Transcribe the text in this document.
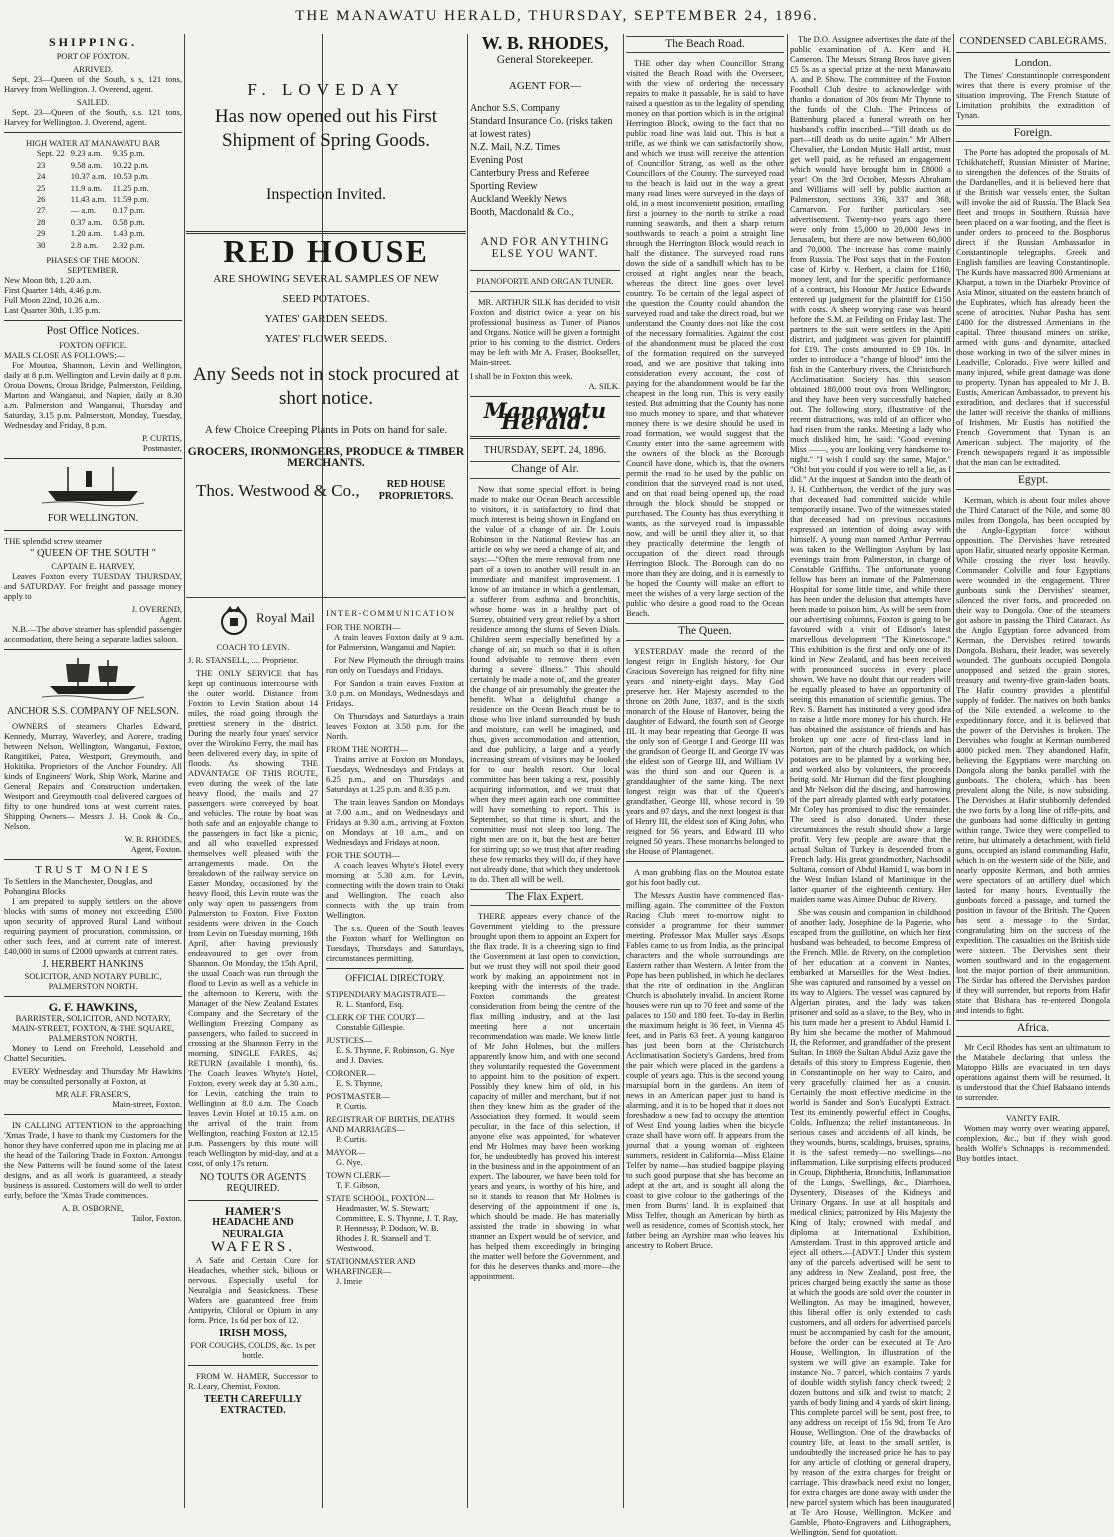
THE MANAWATU HERALD, THURSDAY, SEPTEMBER 24, 1896.
SHIPPING.
PORT OF FOXTON.
ARRIVED.

Sept. 23—Queen of the South, s s, 121 tons, Harvey from Wellington. J. Overend, agent.

SAILED.

Sept. 23—Queen of the South, s.s. 121 tons, Harvey for Wellington. J. Overend, agent.

HIGH WATER AT MANAWATU BAR
Sept. 22	9.23 a.m.	9.35 p.m.
23	9.58 a.m.	10.22 p.m.
24	10.37 a.m.	10.53 p.m.
25	11.9 a.m.	11.25 p.m.
26	11.43 a.m.	11.59 p.m.
27	— a.m.	0.17 p.m.
28	0.37 a.m.	0.58 p.m.
29	1.20 a.m.	1.43 p.m.
30	2.8 a.m.	2.32 p.m.
PHASES OF THE MOON.
SEPTEMBER.
New Moon 8th, 1.20 a.m.
First Quarter 14th, 4.46 p.m.
Full Moon 22nd, 10.26 a.m.
Last Quarter 30th, 1.35 p.m.
Post Office Notices.
FOXTON OFFICE.
MAILS CLOSE AS FOLLOWS:—

For Moutoa, Shannon, Levin and Wellington, daily at 8 p.m. Wellington and Levin daily at 8 p.m. Oroua Downs, Oroua Bridge, Palmerston, Feilding, Marton and Wanganui, and Napier, daily at 8.30 a.m. Palmerston and Wanganui, Thursday and Saturday, 3.15 p.m. Palmerston, Monday, Tuesday, Wednesday and Friday, 8 p.m.

P. CURTIS,
Postmaster,
FOR WELLINGTON.
THE splendid screw steamer
" QUEEN OF THE SOUTH "
CAPTAIN E. HARVEY,

Leaves Foxton every TUESDAY THURSDAY, and SATURDAY. For freight and passage money apply to

J. OVEREND,
Agent.

N.B.—The above steamer has splendid passenger accomodation, there being a separate ladies saloon.

ANCHOR S.S. COMPANY OF NELSON.

OWNERS of steamers Charles Edward, Kennedy, Murray, Waverley, and Aorere, trading between Nelson, Wellington, Wanganui, Foxton, Rangitikei, Patea, Westport, Greymouth, and Hokitika. Proprietors of the Anchor Foundry. All kinds of Engineers' Work, Ship Work, Marine and General Repairs and Construction undertaken. Westport and Greymouth coal delivered cargoes of fifty to one hundred tons at west current rates. Shipping Owners— Messrs J. H. Cook & Co., Nelson.

W. B. RHODES,
Agent, Foxton.
TRUST MONIES
To Settlers in the Manchester, Douglas, and Pohangina Blocks

I am prepared to supply settlers on the above blocks with sums of money not exceeding £500 upon security of approved Rural Land without requiring payment of procuration, commission, or other such fees, and at current rate of interest. £40,000 in sums of £2000 upwards at current rates.

J. HERBERT HANKINS
SOLICITOR, AND NOTARY PUBLIC,
PALMERSTON NORTH.
G. F. HAWKINS,
BARRISTER, SOLICITOR, AND NOTARY,
MAIN-STREET, FOXTON, & THE SQUARE, PALMERSTON NORTH.

Money to Lend on Freehold, Leasehold and Chattel Securities.

EVERY Wednesday and Thursday Mr Hawkins may be consulted personally at Foxton, at

MR ALF. FRASER'S,
Main-street, Foxton.

IN CALLING ATTENTION to the approaching 'Xmas Trade, I have to thank my Customers for the honor they have conferred upon me in placing me at the head of the Tailoring Trade in Foxton. Amongst the New Patterns will be found some of the latest designs, and as all work is guaranteed, a steady business is assured. Customers will do well to order early, before the 'Xmas Trade commences.

A. B. OSBORNE,
Tailor, Foxton.
F. LOVEDAY
Has now opened out his First Shipment of Spring Goods.
Inspection Invited.
RED HOUSE
ARE SHOWING SEVERAL SAMPLES OF NEW
SEED POTATOES.
YATES' GARDEN SEEDS.
YATES' FLOWER SEEDS.
Any Seeds not in stock procured at short notice.
A few Choice Creeping Plants in Pots on hand for sale.
GROCERS, IRONMONGERS, PRODUCE & TIMBER MERCHANTS.
Thos. Westwood & Co.,	RED HOUSE PROPRIETORS.
Royal Mail
COACH TO LEVIN.
J. R. STANSELL, .... Proprietor.

THE ONLY SERVICE that has kept up continuous intercourse with the outer world. Distance from Foxton to Levin Station about 14 miles, the road going through the prettiest scenery in the district. During the nearly four years' service over the Wirokino Ferry, the mail has been delivered every day, in spite of floods. As showing THE ADVANTAGE OF THIS ROUTE, even during the week of the late heavy flood, the mails and 27 passengers were conveyed by boat and vehicles. The route by boat was both safe and an enjoyable change to the passengers in fact like a picnic, and all who travelled expressed themselves well pleased with the arrangements made. On the breakdown of the railway service on Easter Monday, occasioned by the heavy flood, this Levin route was the only way open to passengers from Palmerston to Foxton. Five Foxton residents were driven in the Coach from Levin on Tuesday morning, 16th April, after having previously endeavoured to get over from Shannon. On Monday, the 15th April, the usual Coach was run through the flood to Levin as well as a vehicle in the afternoon to Kereru, with the Manager of the New Zealand Estates Company and the Secretary of the Wellington Freezing Company as passengers, who failed to succeed in crossing at the Shannon Ferry in the morning. SINGLE FARES, 4s; RETURN (available 1 month), 6s. The Coach leaves Whyte's Hotel, Foxton, every week day at 5.30 a.m., for Levin, catching the train to Wellington at 8.0 a.m. The Coach leaves Levin Hotel at 10.15 a.m. on the arrival of the train from Wellington, reaching Foxton at 12.15 p.m. Passengers by this route will reach Wellington by mid-day, and at a cost, of only 17s return.

NO TOUTS OR AGENTS REQUIRED.
HAMER'S
HEADACHE AND NEURALGIA
WAFERS.

A Safe and Certain Cure for Headaches, whether sick, bilious or nervous. Especially useful for Neuralgia and Seasickness. These Wafers are guaranteed free from Antipyrin, Chloral or Opium in any form. Price, 1s 6d per box of 12.

IRISH MOSS,
FOR COUGHS, COLDS, &c. 1s per bottle.

FROM W. HAMER, Successor to R. Leary, Chemist, Foxton.

TEETH CAREFULLY EXTRACTED.
INTER-COMMUNICATION
FOR THE NORTH—

A train leaves Foxton daily at 9 a.m. for Palmerston, Wanganui and Napier.

For New Plymouth the through trains run only on Tuesdays and Fridays.

For Sandon a train eaves Foxton at 3.0 p.m. on Mondays, Wednesdays and Fridays.

On Thursdays and Saturdays a train leaves Foxton at 3.50 p.m. for the North.

FROM THE NORTH—

Trains arrive at Foxton on Mondays, Tuesdays, Wednesdays and Fridays at 6.25 p.m., and on Thursdays and Saturdays at 1.25 p.m. and 8.35 p.m.

The train leaves Sandon on Mondays at 7.00 a.m., and on Wednesdays and Fridays at 9.30 a.m., arriving at Foxton on Mondays at 10 a.m., and on Wednesdays and Fridays at noon.

FOR THE SOUTH—

A coach leaves Whyte's Hotel every morning at 5.30 a.m. for Levin, connecting with the down train to Otaki and Wellington. The coach also connects with the up train from Wellington.

The s.s. Queen of the South leaves the Foxton wharf for Wellington on Tuesdays, Thursdays and Saturdays, circumstances permitting.

OFFICIAL DIRECTORY.
STIPENDIARY MAGISTRATE—
R. L. Stanford, Esq.
CLERK OF THE COURT—
Constable Gillespie.
JUSTICES—
E. S. Thynne, F. Robinson, G. Nye and J. Davies.
CORONER—
E. S. Thynne,
POSTMASTER—
P. Curtis.
REGISTRAR OF BIRTHS, DEATHS AND MARRIAGES—
P. Curtis.
MAYOR—
G. Nye.
TOWN CLERK—
T. F. Gibson.
STATE SCHOOL, FOXTON—
Headmaster, W. S. Stewart; Committee, E. S. Thynne, J. T. Ray, P. Hennessy, P. Dodson, W. B. Rhodes J. R. Stansell and T. Westwood.
STATIONMASTER AND WHARFINGER—
J. Imrie
W. B. RHODES,
General Storekeeper.
AGENT FOR—
Anchor S.S. Company
Standard Insurance Co. (risks taken at lowest rates)
N.Z. Mail, N.Z. Times
Evening Post
Canterbury Press and Referee
Sporting Review
Auckland Weekly News
Booth, Macdonald & Co.,
AND FOR ANYTHING ELSE YOU WANT.
PIANOFORTE AND ORGAN TUNER.

MR. ARTHUR SILK has decided to visit Foxton and district twice a year on his professional business as Tuner of Pianos and Organs. Notice will be given a fortnight prior to his coming to the district. Orders may be left with Mr A. Fraser, Bookseller, Main-street.

I shall be in Foxton this week.
A. SILK.
Manawatu Herald.
THURSDAY, SEPT. 24, 1896.
Change of Air.

Now that some special effort is being made to make our Ocean Beach accessible to visitors, it is satisfactory to find that much interest is being shown in England on the value of a change of air. Dr Louis Robinson in the National Review has an article on why we need a change of air, and says:—"Often the mere removal from one part of a town to another will result in an immediate and manifest improvement. I know of an instance in which a gentleman, a sufferer from asthma and bronchitis, whose home was in a healthy part of Surrey, obtained very great relief by a short residence among the slums of Seven Dials. Children seem especially benefitted by a change of air, so much so that it is often found advisable to remove them even during a severe illness." This should certainly be made a note of, and the greater the change of air presumably the greater the benefit. What a delightful change a residence on the Ocean Beach must be to those who live inland surrounded by bush and moisture, can well be imagined, and thus, given accommodation and attention, and due publicity, a large and a yearly increasing stream of visitors may be looked for to our health resort. Our local committee has been taking a rest, possibly acquiring information, and we trust that when they meet again each one committee will have something to report. This is September, so that time is short, and the committee must not sleep too long. The right men are on it, but the best are better for stirring up; so we trust that after reading these few remarks they will do, if they have not already done, that which they undertook to do. Then all will be well.

The Flax Expert.

THERE appears every chance of the Government yielding to the pressure brought upon them to appoint an Expert for the flax trade. It is a cheering sign to find the Government at last open to conviction, but we trust they will not spoil their good work by making an appointment not in keeping with the interests of the trade. Foxton commands the greatest consideration from being the centre of the flax milling industry, and at the last meeting here a not uncertain recommendation was made. We know little of Mr John Holmes, but the millers apparently know him, and with one second they voluntarily requested the Government to appoint him to the position of expert. Possibly they knew him of old, in his capacity of miller and merchant, but if not then they knew him as the grader of the Association they formed. It would seem peculiar, in the face of this selection, if anyone else was appointed, for whatever end Mr Holmes may have been working for, he undoubtedly has proved his interest in the business and in the appointment of an expert. The labourer, we have been told for years and years, is worthy of his hire, and so it stands to reason that Mr Holmes is deserving of the appointment if one is, which should be made. He has materially assisted the trade in showing in what manner an Expert would be of service, and has helped them exceedingly in bringing the matter well before the Government, and for this he deserves thanks and more—the appointment.

The Beach Road.

THE other day when Councillor Strang visited the Beach Road with the Overseer, with the view of ordering the necessary repairs to make it passable, he is said to have raised a question as to the legality of spending money on that portion which is in the original Herrington Block, owing to the fact that no public road line was laid out. This is but a trifle, as we think we can satisfactorily show, and which we trust will receive the attention of Councillor Strang, as well as the other Councillors of the County. The surveyed road to the beach is laid out in the way a great many road lines were surveyed in the days of old, in a most inconvenient position, entailing first a journey to the north to strike a road running seawards, and then a sharp return southwards to reach a point a straight line through the Herrington Block would reach in half the distance. The surveyed road runs down the side of a sandhill which has to be crossed at right angles near the beach, whereas the direct line goes over level country. To be certain of the legal aspect of the question the County could abandon the surveyed road and take the direct road, but we understand the County does not like the cost of the necessary formalities. Against the cost of the abandonment must be placed the cost of the formation required on the surveyed road, and we are positive that taking into consideration every account, the cost of paying for the abandonment would be far the cheapest in the long run. This is very easily tested. But admitting that the County has none too much money to spare, and that whatever money there is we desire should be used in road formation, we would suggest that the County enter into the same agreement with the owners of the block as the Borough Council have done, which is, that the owners permit the road to be used by the public on condition that the surveyed road is not used, and on that road being opened up, the road through the block should be stopped or purchased. The County has thus everything it wants, as the surveyed road is impassable now, and will be until they alter it, so that they practically determine the length of occupation of the direct road through Herrington Block. The Borough can do no more than they are doing, and it is earnestly to be hoped the County will make an effort to meet the wishes of a very large section of the public who desire a good road to the Ocean Beach.

The Queen.

YESTERDAY made the record of the longest reign in English history, for Our Gracious Sovereign has reigned for fifty nine years and ninety-eight days. May God preserve her. Her Majesty ascended to the throne on 20th June, 1837, and is the sixth monarch of the House of Hanover, being the daughter of Edward, the fourth son of George III. It may bear repeating that George II was the only son of George I and George III was the grandson of George II, and George IV was the eldest son of George III, and William IV was the third son and our Queen is a granddaughter of the same king. The next longest reign was that of the Queen's grandfather, George III, whose record is 59 years and 97 days, and the next longest is that of Henry III, the eldest son of King John, who reigned for 56 years, and Edward III who reigned 50 years. These monarchs belonged to the House of Plantagenet.

A man grubbing flax on the Moutoa estate got his foot badly cut.

The Messrs Austin have commenced flax-milling again. The committee of the Foxton Racing Club meet to-morrow night to consider a programme for their summer meeting. Professor Max Muller says Æsops Fables came to us from India, as the principal characters and the whole surroundings are Eastern rather than Western. A letter from the Pope has been published, in which he declares that the rite of ordination in the Anglican Church is absolutely invalid. In ancient Rome houses were run up to 70 feet and some of the palaces to 150 and 180 feet. To-day in Berlin the maximum height is 36 feet, in Vienna 45 feet, and in Paris 63 feet. A young kangaroo has just been born at the Christchurch Acclimatisation Society's Gardens, bred from the pair which were placed in the gardens a couple of years ago. This is the second young marsupial born in the gardens. An item of news in an American paper just to hand is alarming, and it is to be hoped that it does not foreshadow a new fad to occupy the attention of West End young ladies when the bicycle craze shall have worn off. It appears from the journal that a young woman of eighteen summers, resident in California—Miss Elaine Telfer by name—has studied bagpipe playing to such good purpose that she has become an adept at the art, and is sought all along the coast to give colour to the gatherings of the men from Burns' land. It is explained that Miss Telfer, though an American by birth as well as residence, comes of Scottish stock, her father being an Ayrshire man who leaves his ancestry to Robert Bruce.

The D.O. Assignee advertises the date of the public examination of A. Kerr and H. Cameron. The Messrs Strang Bros have given £5 5s as a special prize at the next Manawatu A. and P. Show. The committee of the Foxton Football Club desire to acknowledge with thanks a donation of 30s from Mr Thynne to the funds of the Club. The Princess of Battenburg placed a funeral wreath on her husband's coffin inscribed—"Till death us do part—till death us do unite again." Mr Albert Chevalier, the London Music Hall artist, must get well paid, as he refused an engagement which would have brought him in £8000 a year! On the 3rd October, Messrs Abraham and Williams will sell by public auction at Palmerston, sections 336, 337 and 368, Carnarvon. For further particulars see advertisement. Twenty-two years ago there were only from 15,000 to 20,000 Jews in Jerusalem, but there are now between 60,000 and 70,000. The increase has come mainly from Russia. The Post says that in the Foxton case of Kirby v. Herbert, a claim for £160, money lent, and for the specific performance of a contract, his Honour Mr Justice Edwards entered up judgment for the plaintiff for £150 with costs. A sheep worrying case was heard before the S.M. at Feilding on Friday last. The partners to the suit were settlers in the Apiti district, and judgment was given for plaintiff for £19. The costs amounted to £9 10s. In order to introduce a "change of blood" into the fish in the Canterbury rivers, the Christchurch Acclimatisation Society has this season obtained 180,000 trout ova from Wellington, and they have been very successfully hatched out. The following story, illustrative of the recent distractions, was told of an officer who had risen from the ranks. Meeting a lady who much disliked him, he said: "Good evening Miss ——, you are looking very handsome to-night." "I wish I could say the same, Major." "Oh! but you could if you were to tell a lie, as I did." At the inquest at Sandon into the death of J. H. Cuthbertson, the verdict of the jury was that deceased had committed suicide while temporarily insane. Two of the witnesses stated that deceased had on previous occasions expressed an intention of doing away with himself. A young man named Arthur Perreau was taken to the Wellington Asylum by last evenings train from Palmerston, in charge of Constable Griffiths. The unfortunate young fellow has been an inmate of the Palmerston Hospital for some little time, and while there has been under the delusion that attempts have been made to poison him. As will be seen from our advertising columns, Foxton is going to be favoured with a visit of Edison's latest marvellous development "The Kinetoscope." This exhibition is the first and only one of its kind in New Zealand, and has been received with pronounced success in every place shown. We have no doubt that our readers will be equally pleased to have an opportunity of seeing this emanation of scientific genius. The Rev. S. Barnett has instituted a very good idea to raise a little more money for his church. He has obtained the assistance of friends and has broken up one acre of first-class land in Norton, part of the church paddock, on which potatoes are to be planted by a working bee, and worked also by volunteers, the proceeds being sold. Mr Hornan did the first ploughing and Mr Nelson did the discing, and harrowing of the part already planted with early potatoes. Mr Coley has promised to disc the remainder. The seed is also donated. Under these circumstances the result should show a large profit. Very few people are aware that the actual Sultan of Turkey is descended from a French lady. His great grandmother, Nachsodil Sultana, consort of Abdul Hamid I, was born in the West Indian Island of Martinique in the latter quarter of the eighteenth century. Her maiden name was Aimee Dubuc de Rivery.

She was cousin and companion in childhood of another lady, Josephine de la Pagerie, who escaped from the guillotine, on which her first husband was beheaded, to become Empress of the French. Mlle. de Rivery, on the completion of her education at a convent in Nantes, embarked at Marseilles for the West Indies. She was captured and ransomed by a vessel on its way to Algiers. The vessel was captured by Algerian pirates, and the lady was taken prisoner and sold as a slave, to the Bey, who in his turn made her a present to Abdul Hamid I. By him she became the mother of Mahmoud II, the Reformer, and grandfather of the present Sultan. In 1869 the Sultan Abdul Aziz gave the details of this story to Empress Eugenie, then in Constantinople on her way to Cairo, and very gracefully claimed her as a cousin. Certainly the most effective medicine in the world is Sander and Son's Eucalypti Extract. Test its eminently powerful effect in Coughs, Colds, Influenza; the relief instantaneous. In serious cases and accidents of all kinds, be they wounds, burns, scaldings, bruises, sprains, it is the safest remedy—no swellings—no inflammation. Like surprising effects produced in Croup, Diphtheria, Bronchitis, Inflammation of the Lungs, Swellings, &c., Diarrhoea, Dysentery, Diseases of the Kidneys and Urinary Organs. In use at all hospitals and medical clinics; patronized by His Majesty the King of Italy; crowned with medal and diploma at International Exhibition, Amsterdam. Trust in this approved article and eject all others.—[ADVT.] Under this system any of the parcels advertised will be sent to any address in New Zealand, post free, the prices charged being exactly the same as those at which the goods are sold over the counter in Wellington. As may be imagined, however, this liberal offer is only extended to cash customers, and all orders for advertised parcels must be accompanied by cash for the amount, before the order can be executed at Te Aro House, Wellington. In illustration of the system we will give an example. Take for instance No. 7 parcel, which contains 7 yards of double width stylish fancy check tweed; 2 dozen buttons and silk and twist to match; 2 yards of body lining and 4 yards of skirt lining. This complete parcel will be sent, post free, to any address on receipt of 15s 9d, from Te Aro House, Wellington. One of the drawbacks of country life, at least to the small settler, is undoubtedly the increased price he has to pay for any article of clothing or general drapery, by reason of the extra charges for freight or carriage. This drawback need exist no longer, for extra charges are done away with under the new parcel system which has been inaugurated at Te Aro House, Wellington. McKee and Gamble, Photo-Engravers and Lithographers, Wellington. Send for quotation.

CONDENSED CABLEGRAMS.
London.

The Times' Constantinople correspondent wires that there is every promise of the situation improving. The French Statute of Limitation prohibits the extradition of Tynan.

Foreign.

The Porte has adopted the proposals of M. Tchikhatcheff, Russian Minister of Marine, to strengthen the defences of the Straits of the Dardanelles, and it is believed here that if the British war vessels enter, the Sultan will invoke the aid of Russia. The Black Sea fleet and troops in Southern Russia have been placed on a war footing, and the fleet is under orders to proceed to the Bosphorus direct if the Russian Ambassador in Constantinople telegraphs. Greek and English families are leaving Constantinople. The Kurds have massacred 800 Armenians at Kharput, a town in the Diarbekr Province of Asia Minor, situated on the eastern branch of the Euphrates, which has already been the scene of atrocities. Nubar Pasha has sent £400 for the distressed Armenians in the capital. Three thousand miners on strike, armed with guns and dynamite, attacked those working in two of the silver mines in Leadville, Colorado. Five were killed and many injured, while great damage was done to property. Tynan has appealed to Mr J. B. Eustis, American Ambassador, to prevent his extradition, and declares that if successful the latter will receive the thanks of millions of Irishmen. Mr Eustis has notified the French Government that Tynan is an American subject. The majority of the French newspapers regard it as impossible that the man can be extradited.

Egypt.

Kerman, which is about four miles above the Third Cataract of the Nile, and some 80 miles from Dongola, has been occupied by the Anglo-Egyptian force without opposition. The Dervishes have retreated upon Hafir, situated nearly opposite Kerman. While crossing the river lost heavily. Commander Colville and four Egyptians were wounded in the engagement. Three gunboats sunk the Dervishes' steamer, silenced the river forts, and proceeded on their way to Dongola. One of the steamers got ashore in passing the Third Cataract. As the Anglo Egyptian force advanced from Kerman, the Dervishes retired towards Dongola. Bishara, their leader, was severely wounded. The gunboats occupied Dongola unopposed and seized the grain stores, treasury and twenty-five grain-laden boats. The Hafir country provides a plentiful supply of fodder. The natives on both banks of the Nile extended a welcome to the expeditionary force, and it is believed that the power of the Dervishes is broken. The Dervishes who fought at Kerman numbered 4000 picked men. They abandoned Hafir, believing the Egyptians were marching on Dongola along the banks parallel with the gunboats. The cholera, which has been prevalent along the Nile, is now subsiding. The Dervishes at Hafir stubbornly defended the two forts by a long line of rifle-pits, and the gunboats had some difficulty in getting within range. Twice they were compelled to retire, but ultimately a detachment, with field guns, occupied an island commanding Hafir, which is on the western side of the Nile, and nearly opposite Kerman, and both armies were spectators of an artillery duel which lasted for many hours. Eventually the gunboats forced a passage, and turned the position in favour of the British. The Queen has sent a message to the Sirdar, congratulating him on the success of the expedition. The casualties on the British side were sixteen. The Dervishes sent their women southward and in the engagement lost the major portion of their ammunition. The Sirdar has offered the Dervishes pardon if they will surrender, but reports from Hafir state that Bishara has re-entered Dongola and intends to fight.

Africa.

Mr Cecil Rhodes has sent an ultimatum to the Matabele declaring that unless the Matoppo Hills are evacuated in ten days operations against them will be resumed. It is understood that the Chief Babaano intends to surrender.

VANITY FAIR.

Women may worry over wearing apparel, complexion, &c., but if they wish good health Wolfe's Schnapps is recommended. Buy bottles intact.
